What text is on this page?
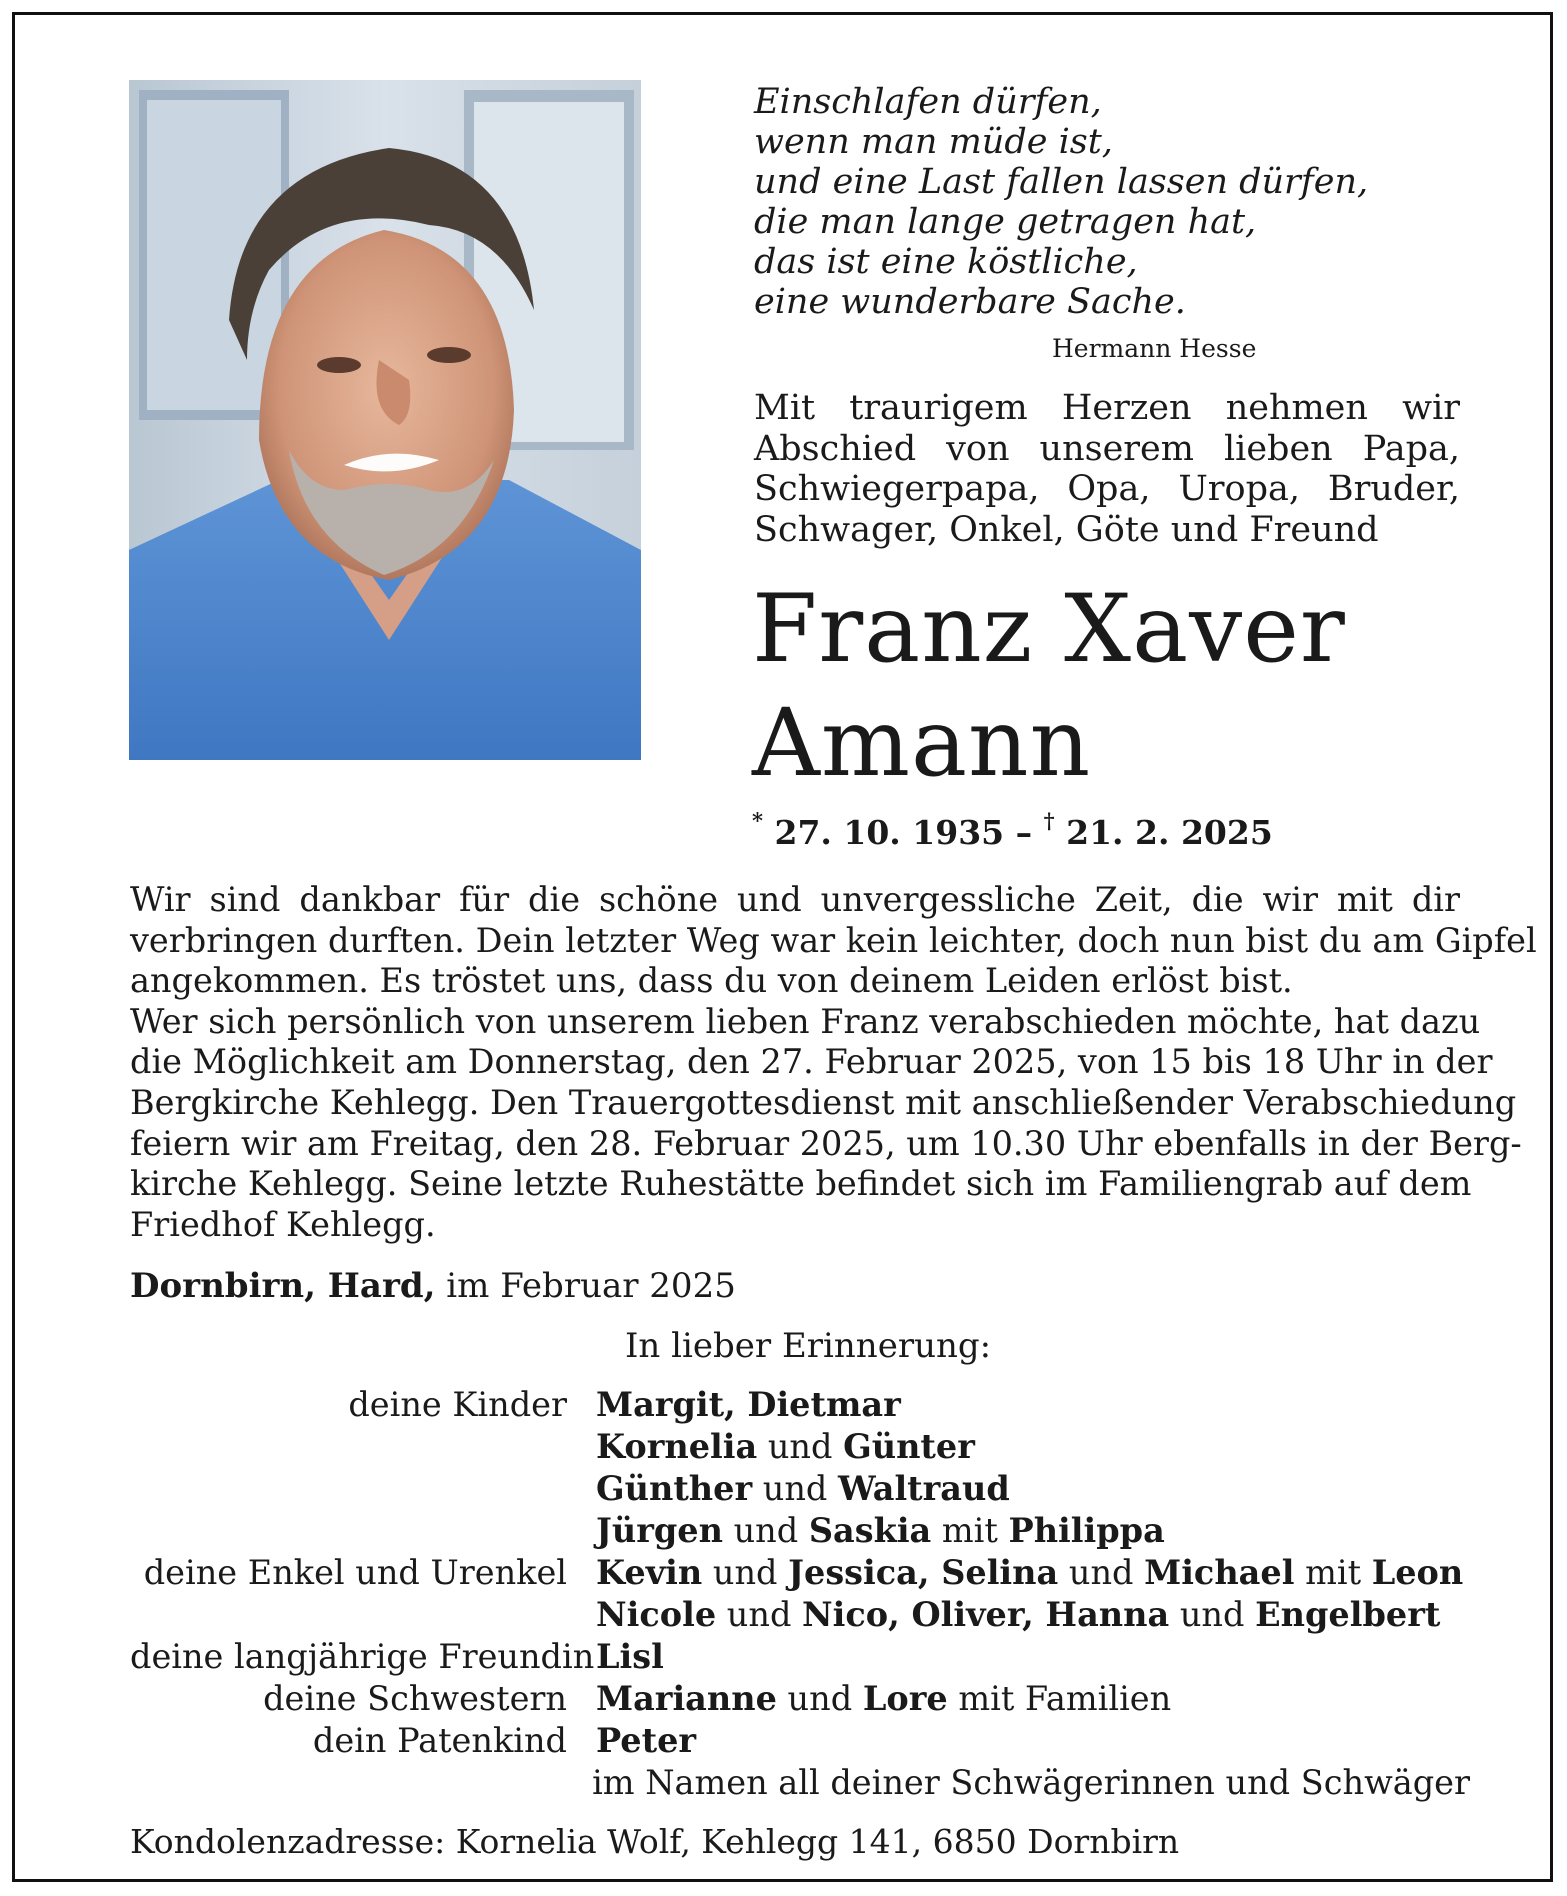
Einschlafen dürfen,
wenn man müde ist,
und eine Last fallen lassen dürfen,
die man lange getragen hat,
das ist eine köstliche,
eine wunderbare Sache.
Hermann Hesse
Mit traurigem Herzen nehmen wir
Abschied von unserem lieben Papa,
Schwiegerpapa, Opa, Uropa, Bruder,
Schwager, Onkel, Göte und Freund
Franz Xaver
Amann
* 27. 10. 1935 – † 21. 2. 2025
Wir sind dankbar für die schöne und unvergessliche Zeit, die wir mit dir
verbringen durften. Dein letzter Weg war kein leichter, doch nun bist du am Gipfel
angekommen. Es tröstet uns, dass du von deinem Leiden erlöst bist.
Wer sich persönlich von unserem lieben Franz verabschieden möchte, hat dazu
die Möglichkeit am Donnerstag, den 27. Februar 2025, von 15 bis 18 Uhr in der
Bergkirche Kehlegg. Den Trauergottesdienst mit anschließender Verabschiedung
feiern wir am Freitag, den 28. Februar 2025, um 10.30 Uhr ebenfalls in der Berg-
kirche Kehlegg. Seine letzte Ruhestätte befindet sich im Familiengrab auf dem
Friedhof Kehlegg.
Dornbirn, Hard, im Februar 2025
In lieber Erinnerung:
deine Kinder Margit, Dietmar
Kornelia und Günter
Günther und Waltraud
Jürgen und Saskia mit Philippa
deine Enkel und Urenkel Kevin und Jessica, Selina und Michael mit Leon
Nicole und Nico, Oliver, Hanna und Engelbert
deine langjährige Freundin Lisl
deine Schwestern Marianne und Lore mit Familien
dein Patenkind Peter
im Namen all deiner Schwägerinnen und Schwäger
Kondolenzadresse: Kornelia Wolf, Kehlegg 141, 6850 Dornbirn
